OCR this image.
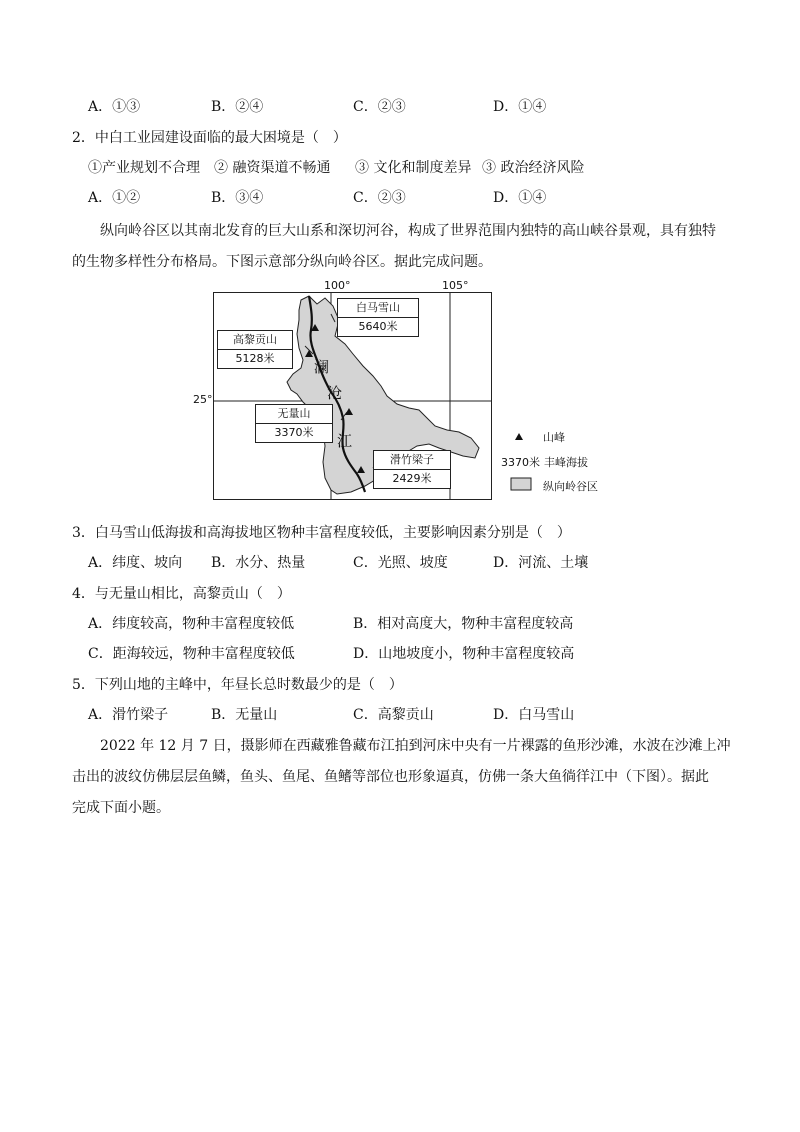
A．①③	B．②④	C．②③	D．①④
2．中白工业园建设面临的最大困境是（　）
①产业规划不合理 ② 融资渠道不畅通 ③ 文化和制度差异 ③ 政治经济风险
A．①②	B．③④	C．②③	D．①④
纵向岭谷区以其南北发育的巨大山系和深切河谷，构成了世界范围内独特的高山峡谷景观，具有独特
的生物多样性分布格局。下图示意部分纵向岭谷区。据此完成问题。
100°	105°
25°
澜
沧
江
白马雪山
5640米
高黎贡山
5128米
无量山
3370米
滑竹梁子
2429米
山峰
3370米 丰峰海拔
纵向岭谷区
3．白马雪山低海拔和高海拔地区物种丰富程度较低，主要影响因素分别是（　）
A．纬度、坡向 B．水分、热量	C．光照、坡度	D．河流、土壤
4．与无量山相比，高黎贡山（　）
A．纬度较高，物种丰富程度较低	B．相对高度大，物种丰富程度较高
C．距海较远，物种丰富程度较低	D．山地坡度小，物种丰富程度较高
5．下列山地的主峰中，年昼长总时数最少的是（　）
A．滑竹梁子	B．无量山	C．高黎贡山	D．白马雪山
2022 年 12 月 7 日，摄影师在西藏雅鲁藏布江拍到河床中央有一片裸露的鱼形沙滩，水波在沙滩上冲
击出的波纹仿佛层层鱼鳞，鱼头、鱼尾、鱼鳍等部位也形象逼真，仿佛一条大鱼徜徉江中（下图）。据此
完成下面小题。
